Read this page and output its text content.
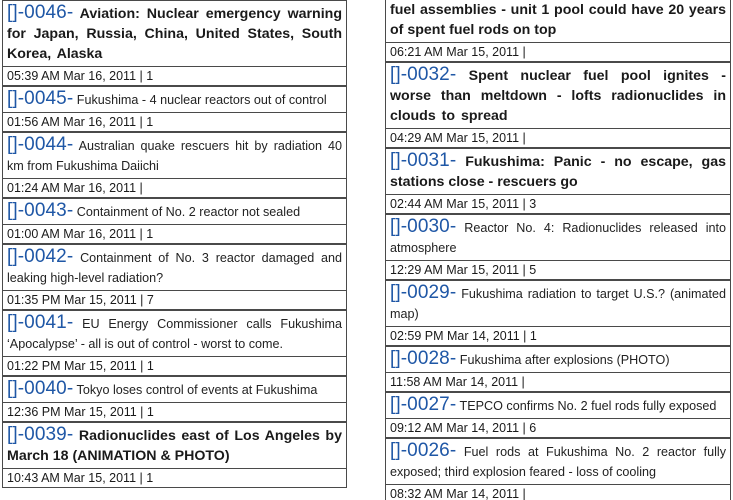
[]-0046- Aviation: Nuclear emergency warning for Japan, Russia, China, United States, South Korea, Alaska
05:39 AM Mar 16, 2011 | 1
[]-0045- Fukushima - 4 nuclear reactors out of control
01:56 AM Mar 16, 2011 | 1
[]-0044- Australian quake rescuers hit by radiation 40 km from Fukushima Daiichi
01:24 AM Mar 16, 2011 |
[]-0043- Containment of No. 2 reactor not sealed
01:00 AM Mar 16, 2011 | 1
[]-0042- Containment of No. 3 reactor damaged and leaking high-level radiation?
01:35 PM Mar 15, 2011 | 7
[]-0041- EU Energy Commissioner calls Fukushima ‘Apocalypse’ - all is out of control - worst to come.
01:22 PM Mar 15, 2011 | 1
[]-0040- Tokyo loses control of events at Fukushima
12:36 PM Mar 15, 2011 | 1
[]-0039- Radionuclides east of Los Angeles by March 18 (ANIMATION & PHOTO)
10:43 AM Mar 15, 2011 | 1
fuel assemblies - unit 1 pool could have 20 years of spent fuel rods on top
06:21 AM Mar 15, 2011 |
[]-0032- Spent nuclear fuel pool ignites - worse than meltdown - lofts radionuclides in clouds to spread
04:29 AM Mar 15, 2011 |
[]-0031- Fukushima: Panic - no escape, gas stations close - rescuers go
02:44 AM Mar 15, 2011 | 3
[]-0030- Reactor No. 4: Radionuclides released into atmosphere
12:29 AM Mar 15, 2011 | 5
[]-0029- Fukushima radiation to target U.S.? (animated map)
02:59 PM Mar 14, 2011 | 1
[]-0028- Fukushima after explosions (PHOTO)
11:58 AM Mar 14, 2011 |
[]-0027- TEPCO confirms No. 2 fuel rods fully exposed
09:12 AM Mar 14, 2011 | 6
[]-0026- Fuel rods at Fukushima No. 2 reactor fully exposed; third explosion feared - loss of cooling
08:32 AM Mar 14, 2011 |
